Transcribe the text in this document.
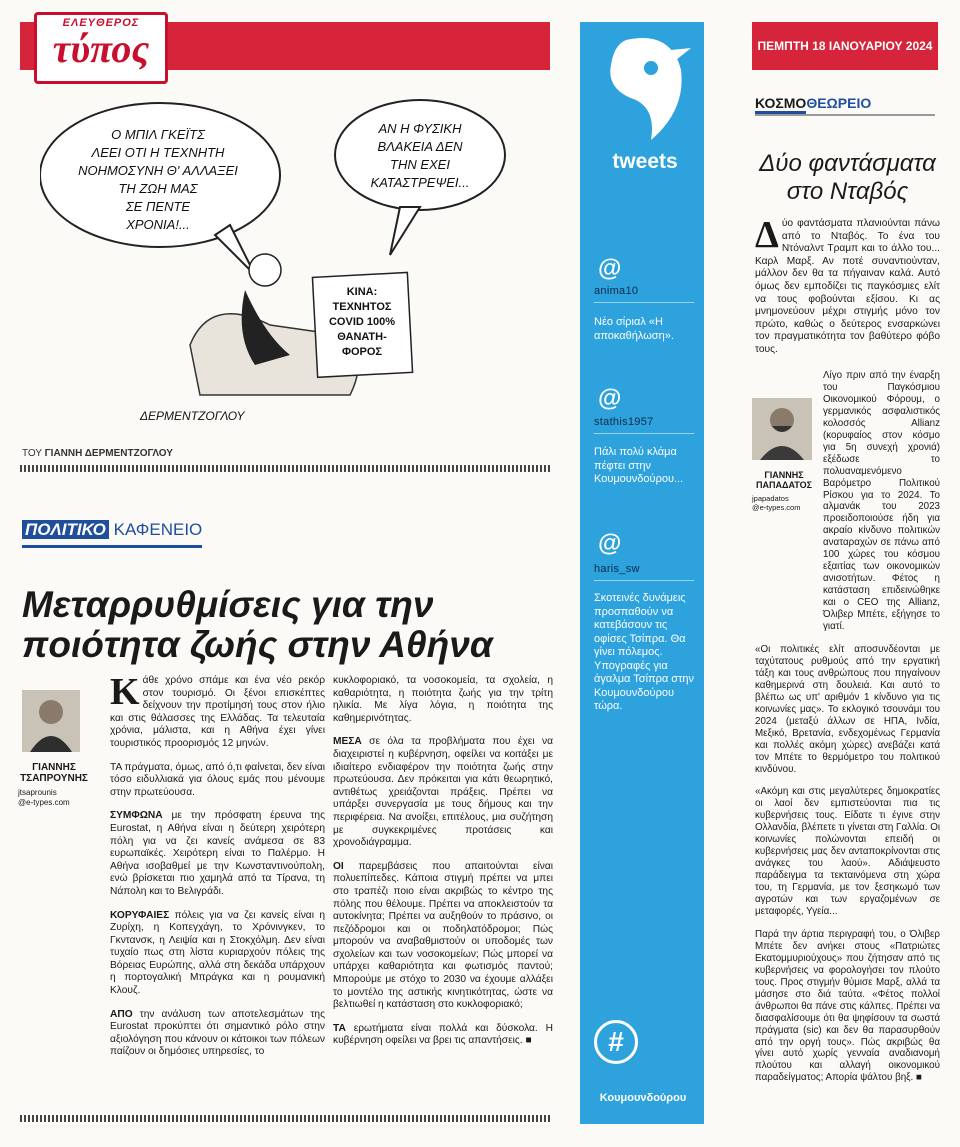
ΕΛΕΥΘΕΡΟΣ
τύπος	ΠΕΜΠΤΗ 18 ΙΑΝΟΥΑΡΙΟΥ 2024
Ο ΜΠΙΛ ΓΚΕΪΤΣ
ΛΕΕΙ ΟΤΙ Η ΤΕΧΝΗΤΗ
ΝΟΗΜΟΣΥΝΗ Θ' ΑΛΛΑΞΕΙ
ΤΗ ΖΩΗ ΜΑΣ
ΣΕ ΠΕΝΤΕ
ΧΡΟΝΙΑ!...
ΑΝ Η ΦΥΣΙΚΗ
ΒΛΑΚΕΙΑ ΔΕΝ
ΤΗΝ ΕΧΕΙ
ΚΑΤΑΣΤΡΕΨΕΙ...
ΚΙΝΑ:
ΤΕΧΝΗΤΟΣ
COVID 100%
ΘΑΝΑΤΗ-
ΦΟΡΟΣ
ΔΕΡΜΕΝΤΖΟΓΛΟΥ
ΤΟΥ ΓΙΑΝΝΗ ΔΕΡΜΕΝΤΖΟΓΛΟΥ
ΠΟΛΙΤΙΚΟ ΚΑΦΕΝΕΙΟ
Μεταρρυθμίσεις για την ποιότητα ζωής στην Αθήνα
ΓΙΑΝΝΗΣ ΤΣΑΠΡΟΥΝΗΣ
jtsaprounis
@e-types.com

Κάθε χρόνο σπάμε και ένα νέο ρεκόρ στον τουρισμό. Οι ξένοι επισκέπτες δείχνουν την προτίμησή τους στον ήλιο και στις θάλασσες της Ελλάδας. Τα τελευταία χρόνια, μάλιστα, και η Αθήνα έχει γίνει τουριστικός προορισμός 12 μηνών.

ΤΑ πράγματα, όμως, από ό,τι φαίνεται, δεν είναι τόσο ειδυλλιακά για όλους εμάς που μένουμε στην πρωτεύουσα.

ΣΥΜΦΩΝΑ με την πρόσφατη έρευνα της Eurostat, η Αθήνα είναι η δεύτερη χειρότερη πόλη για να ζει κανείς ανάμεσα σε 83 ευρωπαϊκές. Χειρότερη είναι το Παλέρμο. Η Αθήνα ισοβαθμεί με την Κωνσταντινούπολη, ενώ βρίσκεται πιο χαμηλά από τα Τίρανα, τη Νάπολη και το Βελιγράδι.

ΚΟΡΥΦΑΙΕΣ πόλεις για να ζει κανείς είναι η Ζυρίχη, η Κοπεγχάγη, το Χρόνινγκεν, το Γκντανσκ, η Λειψία και η Στοκχόλμη. Δεν είναι τυχαίο πως στη λίστα κυριαρχούν πόλεις της Βόρειας Ευρώπης, αλλά στη δεκάδα υπάρχουν η πορτογαλική Μπράγκα και η ρουμανική Κλουζ.

ΑΠΟ την ανάλυση των αποτελεσμάτων της Eurostat προκύπτει ότι σημαντικό ρόλο στην αξιολόγηση που κάνουν οι κάτοικοι των πόλεων παίζουν οι δημόσιες υπηρεσίες, το

κυκλοφοριακό, τα νοσοκομεία, τα σχολεία, η καθαριότητα, η ποιότητα ζωής για την τρίτη ηλικία. Με λίγα λόγια, η ποιότητα της καθημερινότητας.

ΜΕΣΑ σε όλα τα προβλήματα που έχει να διαχειριστεί η κυβέρνηση, οφείλει να κοιτάξει με ιδιαίτερο ενδιαφέρον την ποιότητα ζωής στην πρωτεύουσα. Δεν πρόκειται για κάτι θεωρητικό, αντιθέτως χρειάζονται πράξεις. Πρέπει να υπάρξει συνεργασία με τους δήμους και την περιφέρεια. Να ανοίξει, επιτέλους, μια συζήτηση με συγκεκριμένες προτάσεις και χρονοδιάγραμμα.

ΟΙ παρεμβάσεις που απαιτούνται είναι πολυεπίπεδες. Κάποια στιγμή πρέπει να μπει στο τραπέζι ποιο είναι ακριβώς το κέντρο της πόλης που θέλουμε. Πρέπει να αποκλειστούν τα αυτοκίνητα; Πρέπει να αυξηθούν το πράσινο, οι πεζόδρομοι και οι ποδηλατόδρομοι; Πώς μπορούν να αναβαθμιστούν οι υποδομές των σχολείων και των νοσοκομείων; Πώς μπορεί να υπάρχει καθαριότητα και φωτισμός παντού; Μπορούμε με στόχο το 2030 να έχουμε αλλάξει το μοντέλο της αστικής κινητικότητας, ώστε να βελτιωθεί η κατάσταση στο κυκλοφοριακό;

ΤΑ ερωτήματα είναι πολλά και δύσκολα. Η κυβέρνηση οφείλει να βρει τις απαντήσεις. ■

tweets
@
anima10
Νέο σίριαλ «Η αποκαθήλωση».
@
stathis1957
Πάλι πολύ κλάμα πέφτει στην Κουμουνδούρου...
@
haris_sw
Σκοτεινές δυνάμεις προσπαθούν να κατεβάσουν τις οφίσες Τσίπρα. Θα γίνει πόλεμος. Υπογραφές για άγαλμα Τσίπρα στην Κουμουνδούρου τώρα.
#
Κουμουνδούρου
ΚΟΣΜΟΘΕΩΡΕΙΟ
Δύο φαντάσματα στο Νταβός

Δύο φαντάσματα πλανιούνται πάνω από το Νταβός. Το ένα του Ντόναλντ Τραμπ και το άλλο του... Καρλ Μαρξ. Αν ποτέ συναντιούνταν, μάλλον δεν θα τα πήγαιναν καλά. Αυτό όμως δεν εμποδίζει τις παγκόσμιες ελίτ να τους φοβούνται εξίσου. Κι ας μνημονεύουν μέχρι στιγμής μόνο τον πρώτο, καθώς ο δεύτερος ενσαρκώνει τον πραγματικότητα τον βαθύτερο φόβο τους.

ΓΙΑΝΝΗΣ ΠΑΠΑΔΑΤΟΣ
jpapadatos
@e-types.com

Λίγο πριν από την έναρξη του Παγκόσμιου Οικονομικού Φόρουμ, ο γερμανικός ασφαλιστικός κολοσσός Allianz (κορυφαίος στον κόσμο για 5η συνεχή χρονιά) εξέδωσε το πολυαναμενόμενο Βαρόμετρο Πολιτικού Ρίσκου για το 2024. Το αλμανάκ του 2023 προειδοποιούσε ήδη για ακραίο κίνδυνο πολιτικών αναταραχών σε πάνω από 100 χώρες του κόσμου εξαιτίας των οικονομικών ανισοτήτων. Φέτος η κατάσταση επιδεινώθηκε και ο CEO της Allianz, Όλιβερ Μπέτε, εξήγησε το γιατί.

«Οι πολιτικές ελίτ αποσυνδέονται με ταχύτατους ρυθμούς από την εργατική τάξη και τους ανθρώπους που πηγαίνουν καθημερινά στη δουλειά. Και αυτό το βλέπω ως υπ' αριθμόν 1 κίνδυνο για τις κοινωνίες μας». Το εκλογικό τσουνάμι του 2024 (μεταξύ άλλων σε ΗΠΑ, Ινδία, Μεξικό, Βρετανία, ενδεχομένως Γερμανία και πολλές ακόμη χώρες) ανεβάζει κατά τον Μπέτε το θερμόμετρο του πολιτικού κινδύνου.

«Ακόμη και στις μεγαλύτερες δημοκρατίες οι λαοί δεν εμπιστεύονται πια τις κυβερνήσεις τους. Είδατε τι έγινε στην Ολλανδία, βλέπετε τι γίνεται στη Γαλλία. Οι κοινωνίες πολώνονται επειδή οι κυβερνήσεις μας δεν ανταποκρίνονται στις ανάγκες του λαού». Αδιάψευστο παράδειγμα τα τεκταινόμενα στη χώρα του, τη Γερμανία, με τον ξεσηκωμό των αγροτών και των εργαζομένων σε μεταφορές, Υγεία...

Παρά την άρτια περιγραφή του, ο Όλιβερ Μπέτε δεν ανήκει στους «Πατριώτες Εκατομμυριούχους» που ζήτησαν από τις κυβερνήσεις να φορολογήσει τον πλούτο τους. Προς στιγμήν θύμισε Μαρξ, αλλά τα μάσησε στο διά ταύτα. «Φέτος πολλοί άνθρωποι θα πάνε στις κάλπες. Πρέπει να διασφαλίσουμε ότι θα ψηφίσουν τα σωστά πράγματα (sic) και δεν θα παρασυρθούν από την οργή τους». Πώς ακριβώς θα γίνει αυτό χωρίς γενναία αναδιανομή πλούτου και αλλαγή οικονομικού παραδείγματος; Απορία ψάλτου βηξ. ■
